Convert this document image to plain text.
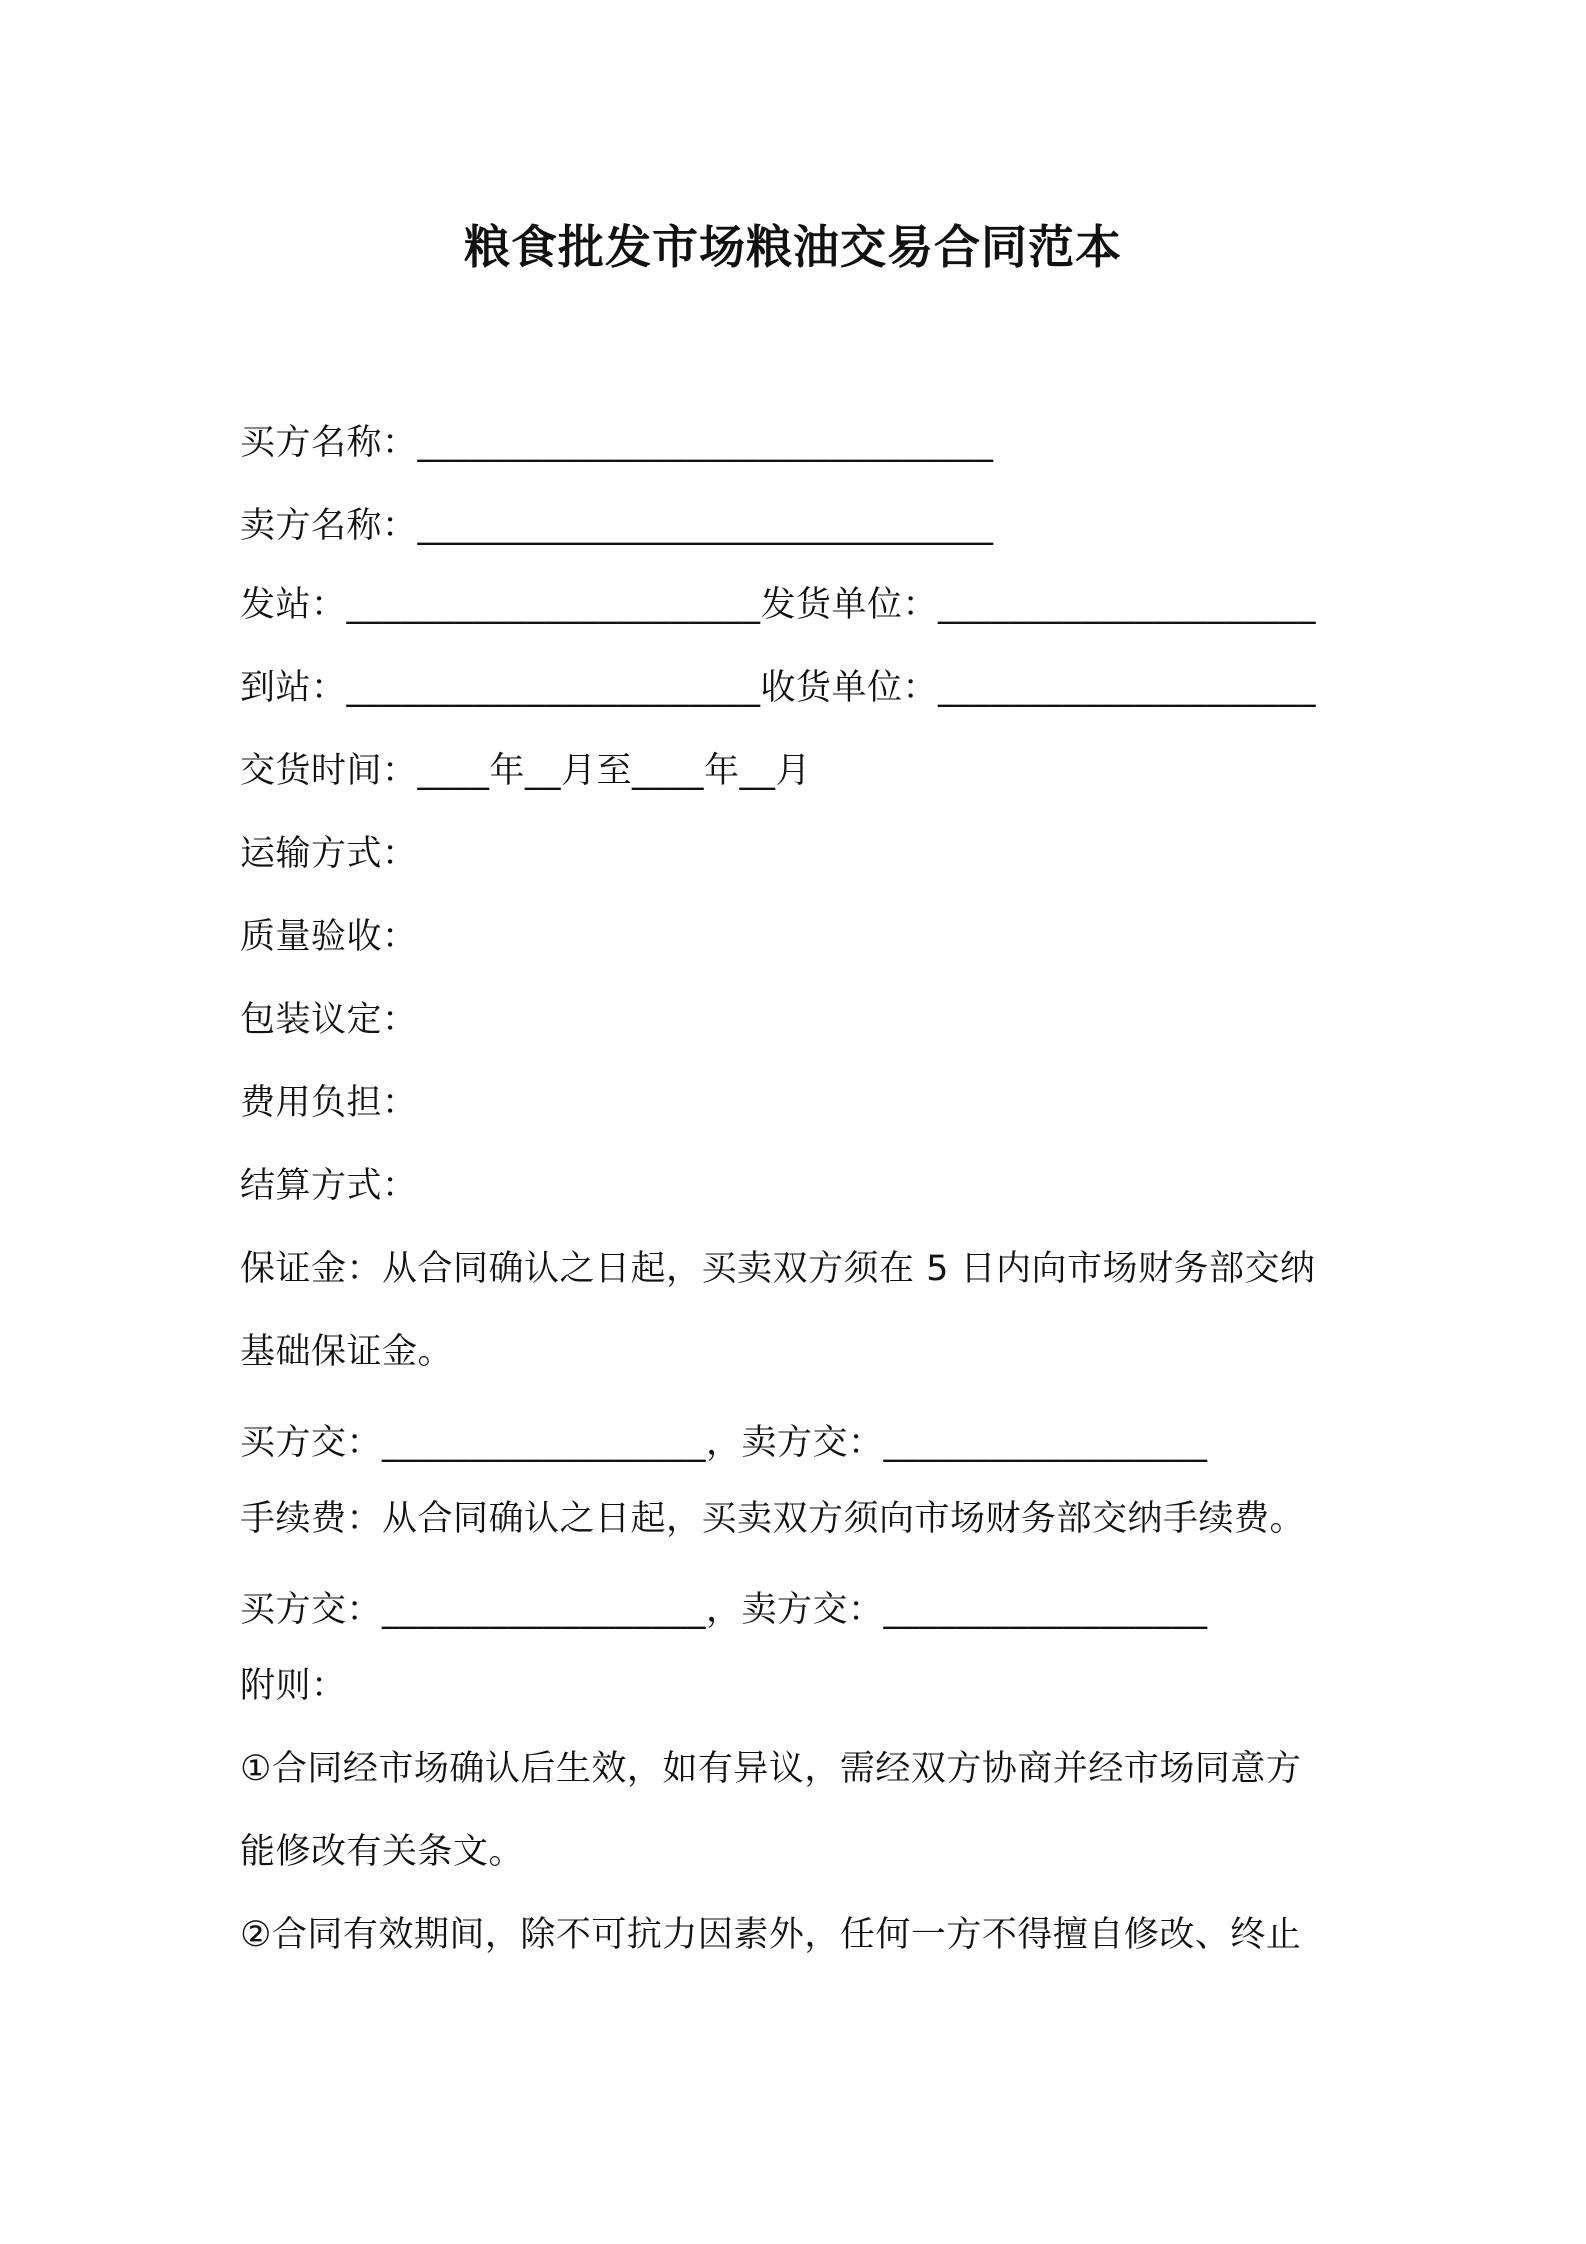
粮食批发市场粮油交易合同范本
买方名称：________________________________
卖方名称：________________________________
发站：_______________________发货单位：_____________________
到站：_______________________收货单位：_____________________
交货时间：____年__月至____年__月
运输方式：
质量验收：
包装议定：
费用负担：
结算方式：
保证金：从合同确认之日起，买卖双方须在 5 日内向市场财务部交纳
基础保证金。
买方交：__________________，卖方交：__________________
手续费：从合同确认之日起，买卖双方须向市场财务部交纳手续费。
买方交：__________________，卖方交：__________________
附则：
①合同经市场确认后生效，如有异议，需经双方协商并经市场同意方
能修改有关条文。
②合同有效期间，除不可抗力因素外，任何一方不得擅自修改、终止
